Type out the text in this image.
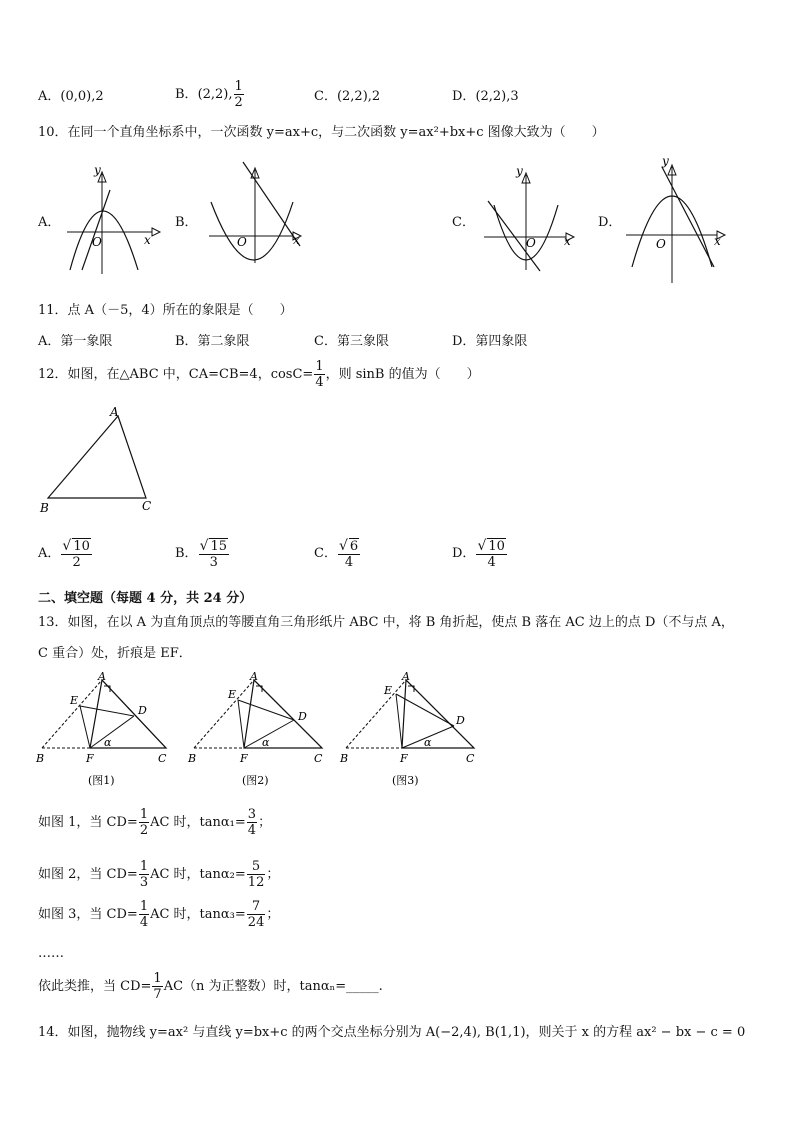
A．(0,0),2	B．(2,2), $\frac{1}{2}$	C．(2,2),2	D．(2,2),3
10．在同一个直角坐标系中，一次函数 y=ax+c，与二次函数 y=ax²+bx+c 图像大致为（　　）
A．
y
x
O
B．
O	x
C．
y
O x
D．
y
O	x
11．点 A（－5，4）所在的象限是（　　）
A．第一象限	B．第二象限	C．第三象限	D．第四象限
12．如图，在△ABC 中，CA=CB=4，$\cos C= \frac{1}{4}$ ，则 sinB 的值为（　　）
A
B	C
A． $\frac{√ 10}{2}$	B． $\frac{√ 15}{3}$	C． $\frac{√ 6}{4}$	D． $\frac{√ 10}{4}$
二、填空题（每题 4 分，共 24 分）
13．如图，在以 A 为直角顶点的等腰直角三角形纸片 ABC 中，将 B 角折起，使点 B 落在 AC 边上的点 D（不与点 A，
C 重合）处，折痕是 EF．
A
B	C
D
E
F
α
(图1)
A
B	C
D
E
F
α
(图2)
A
B	C
D
E
F
α
(图3)
如图 1，当 $CD= \frac{1}{2}$ AC 时，$\tan\alpha_1= \frac{3}{4}$ ；
如图 2，当 $CD= \frac{1}{3}$ AC 时，$\tan\alpha_2= \frac{5}{12}$ ；
如图 3，当 $CD= \frac{1}{4}$ AC 时，$\tan\alpha_3= \frac{7}{24}$ ；
……
依此类推，当 $CD= \frac{1}{7} AC(n$ 为正整数）时，tanαₙ=_____.
14．如图，抛物线 y=ax² 与直线 y=bx+c 的两个交点坐标分别为 A(−2,4), B(1,1)，则关于 x 的方程 ax² − bx − c = 0
